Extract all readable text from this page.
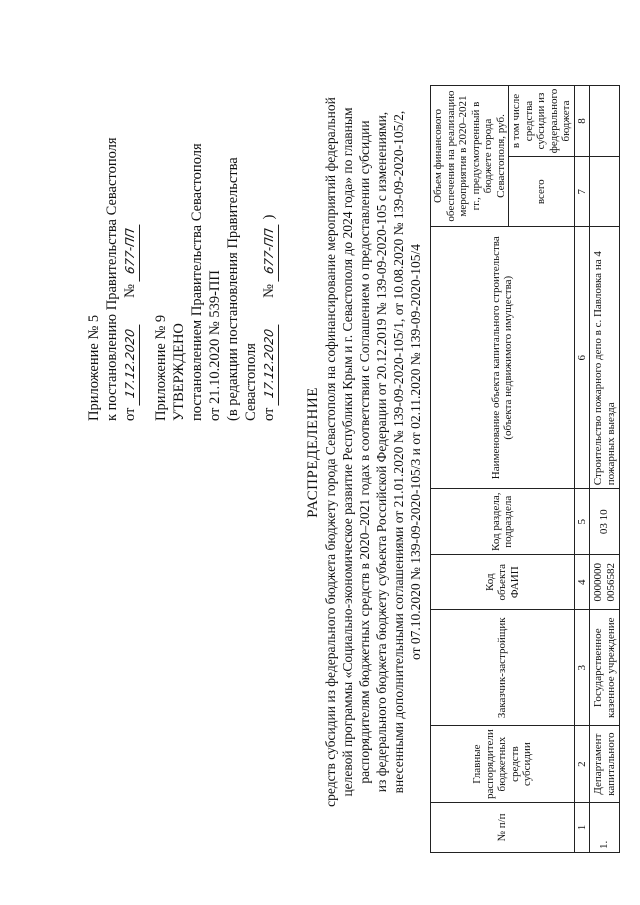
Приложение № 5 к постановлению Правительства Севастополя от 17.12.2020       № 677-ПП
Приложение № 9 УТВЕРЖДЕНО постановлением Правительства Севастополя от 21.10.2020 № 539-ПП (в редакции постановления Правительства Севастополя от 17.12.2020       № 677-ПП )
РАСПРЕДЕЛЕНИЕ средств субсидии из федерального бюджета бюджету города Севастополя на софинансирование мероприятий федеральной целевой программы «Социально-экономическое развитие Республики Крым и г. Севастополя до 2024 года» по главным распорядителям бюджетных средств в 2020–2021 годах в соответствии с Соглашением о предоставлении субсидии из федерального бюджета бюджету субъекта Российской Федерации от 20.12.2019 № 139-09-2020-105 с изменениями, внесенными дополнительными соглашениями от 21.01.2020 № 139-09-2020-105/1, от 10.08.2020 № 139-09-2020-105/2, от 07.10.2020 № 139-09-2020-105/3 и от 02.11.2020 № 139-09-2020-105/4
№ п/п	Главные распорядители бюджетных средств субсидии	Заказчик-застройщик	Код объекта ФАИП	Код раздела, подраздела	Наименование объекта капитального строительства (объекта недвижимого имущества)	Объем финансового обеспечения на реализацию мероприятия в 2020–2021 гг., предусмотренный в бюджете города Севастополя, руб.	
						всего	в том числе средства субсидии из федерального бюджета
1	2	3	4	5	6	7	8
1.	Департамент капитального	Государственное казенное учреждение	0000000 0056582	03 10	Строительство пожарного депо в с. Павловка на 4 пожарных выезда		
